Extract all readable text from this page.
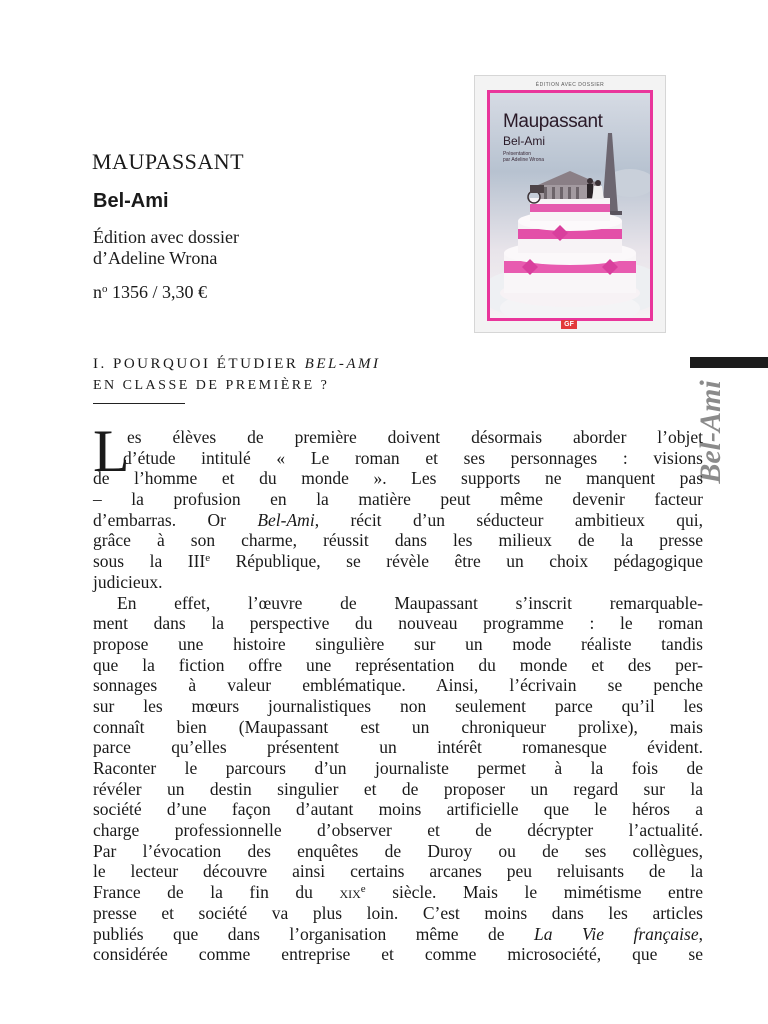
MAUPASSANT
Bel-Ami
Édition avec dossier
d’Adeline Wrona
$n^o$ 1356 / 3,30 €
ÉDITION AVEC DOSSIER
Maupassant
Bel-Ami
Présentation
par Adeline Wrona
GF
Bel-Ami
I. POURQUOI ÉTUDIER BEL-AMI
EN CLASSE DE PREMIÈRE ?
L
es élèves de première doivent désormais aborder l’objet
d’étude intitulé « Le roman et ses personnages : visions
de l’homme et du monde ». Les supports ne manquent pas
– la profusion en la matière peut même devenir facteur
d’embarras. Or Bel-Ami, récit d’un séducteur ambitieux qui,
grâce à son charme, réussit dans les milieux de la presse
sous la IIIe République, se révèle être un choix pédagogique
judicieux.
En effet, l’œuvre de Maupassant s’inscrit remarquable-
ment dans la perspective du nouveau programme : le roman
propose une histoire singulière sur un mode réaliste tandis
que la fiction offre une représentation du monde et des per-
sonnages à valeur emblématique. Ainsi, l’écrivain se penche
sur les mœurs journalistiques non seulement parce qu’il les
connaît bien (Maupassant est un chroniqueur prolixe), mais
parce qu’elles présentent un intérêt romanesque évident.
Raconter le parcours d’un journaliste permet à la fois de
révéler un destin singulier et de proposer un regard sur la
société d’une façon d’autant moins artificielle que le héros a
charge professionnelle d’observer et de décrypter l’actualité.
Par l’évocation des enquêtes de Duroy ou de ses collègues,
le lecteur découvre ainsi certains arcanes peu reluisants de la
France de la fin du xix$^e$ siècle. Mais le mimétisme entre
presse et société va plus loin. C’est moins dans les articles
publiés que dans l’organisation même de La Vie française,
considérée comme entreprise et comme microsociété, que se
